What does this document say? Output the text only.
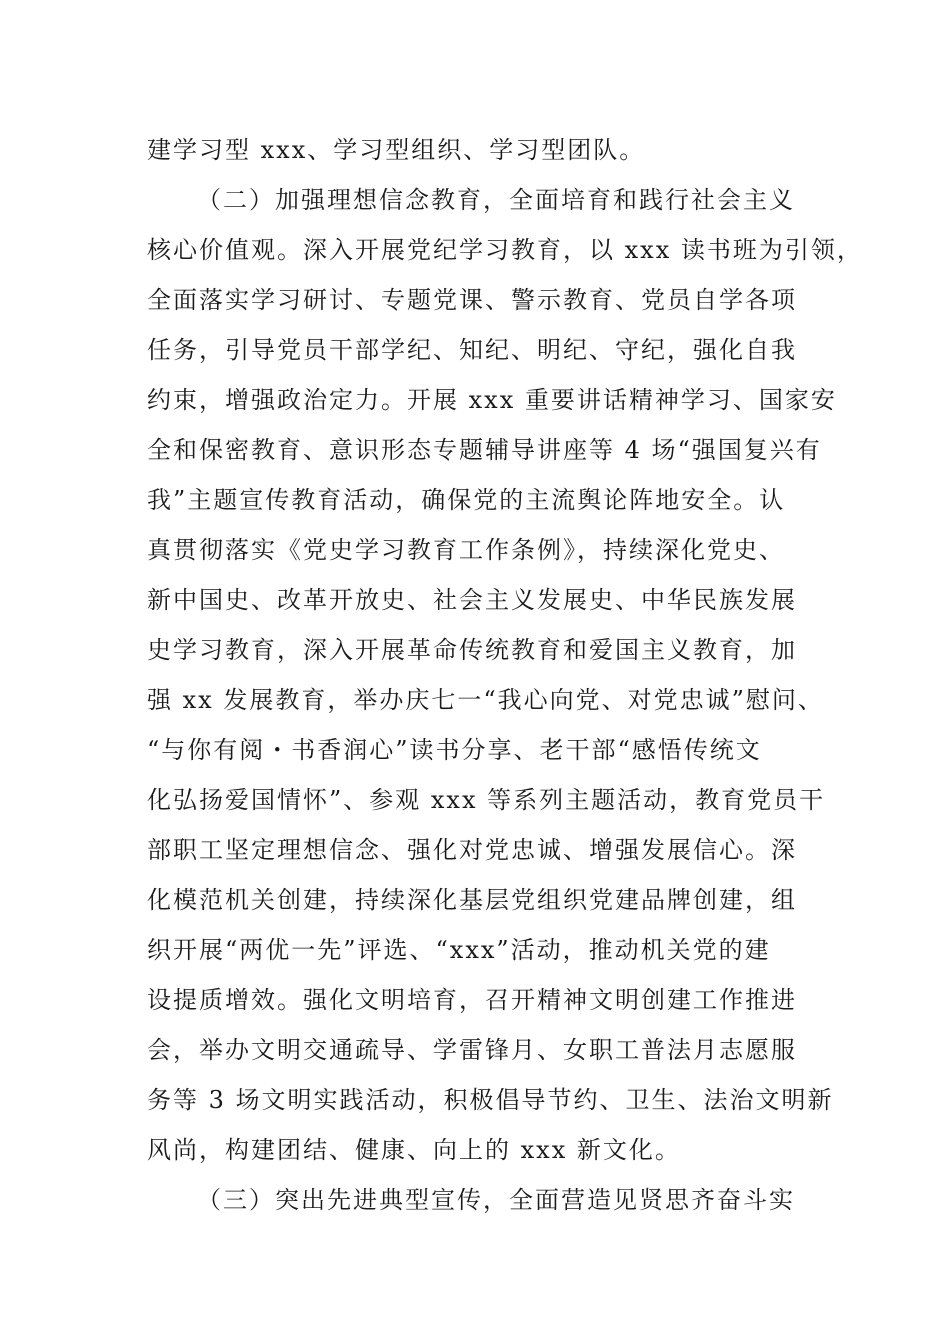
建学习型 xxx、学习型组织、学习型团队。

（二）加强理想信念教育，全面培育和践行社会主义

核心价值观。深入开展党纪学习教育，以 xxx 读书班为引领，

全面落实学习研讨、专题党课、警示教育、党员自学各项

任务，引导党员干部学纪、知纪、明纪、守纪，强化自我

约束，增强政治定力。开展 xxx 重要讲话精神学习、国家安

全和保密教育、意识形态专题辅导讲座等 4 场“强国复兴有

我”主题宣传教育活动，确保党的主流舆论阵地安全。认

真贯彻落实《党史学习教育工作条例》，持续深化党史、

新中国史、改革开放史、社会主义发展史、中华民族发展

史学习教育，深入开展革命传统教育和爱国主义教育，加

强 xx 发展教育，举办庆七一“我心向党、对党忠诚”慰问、

“与你有阅・书香润心”读书分享、老干部“感悟传统文

化弘扬爱国情怀”、参观 xxx 等系列主题活动，教育党员干

部职工坚定理想信念、强化对党忠诚、增强发展信心。深

化模范机关创建，持续深化基层党组织党建品牌创建，组

织开展“两优一先”评选、“xxx”活动，推动机关党的建

设提质增效。强化文明培育，召开精神文明创建工作推进

会，举办文明交通疏导、学雷锋月、女职工普法月志愿服

务等 3 场文明实践活动，积极倡导节约、卫生、法治文明新

风尚，构建团结、健康、向上的 xxx 新文化。

（三）突出先进典型宣传，全面营造见贤思齐奋斗实
